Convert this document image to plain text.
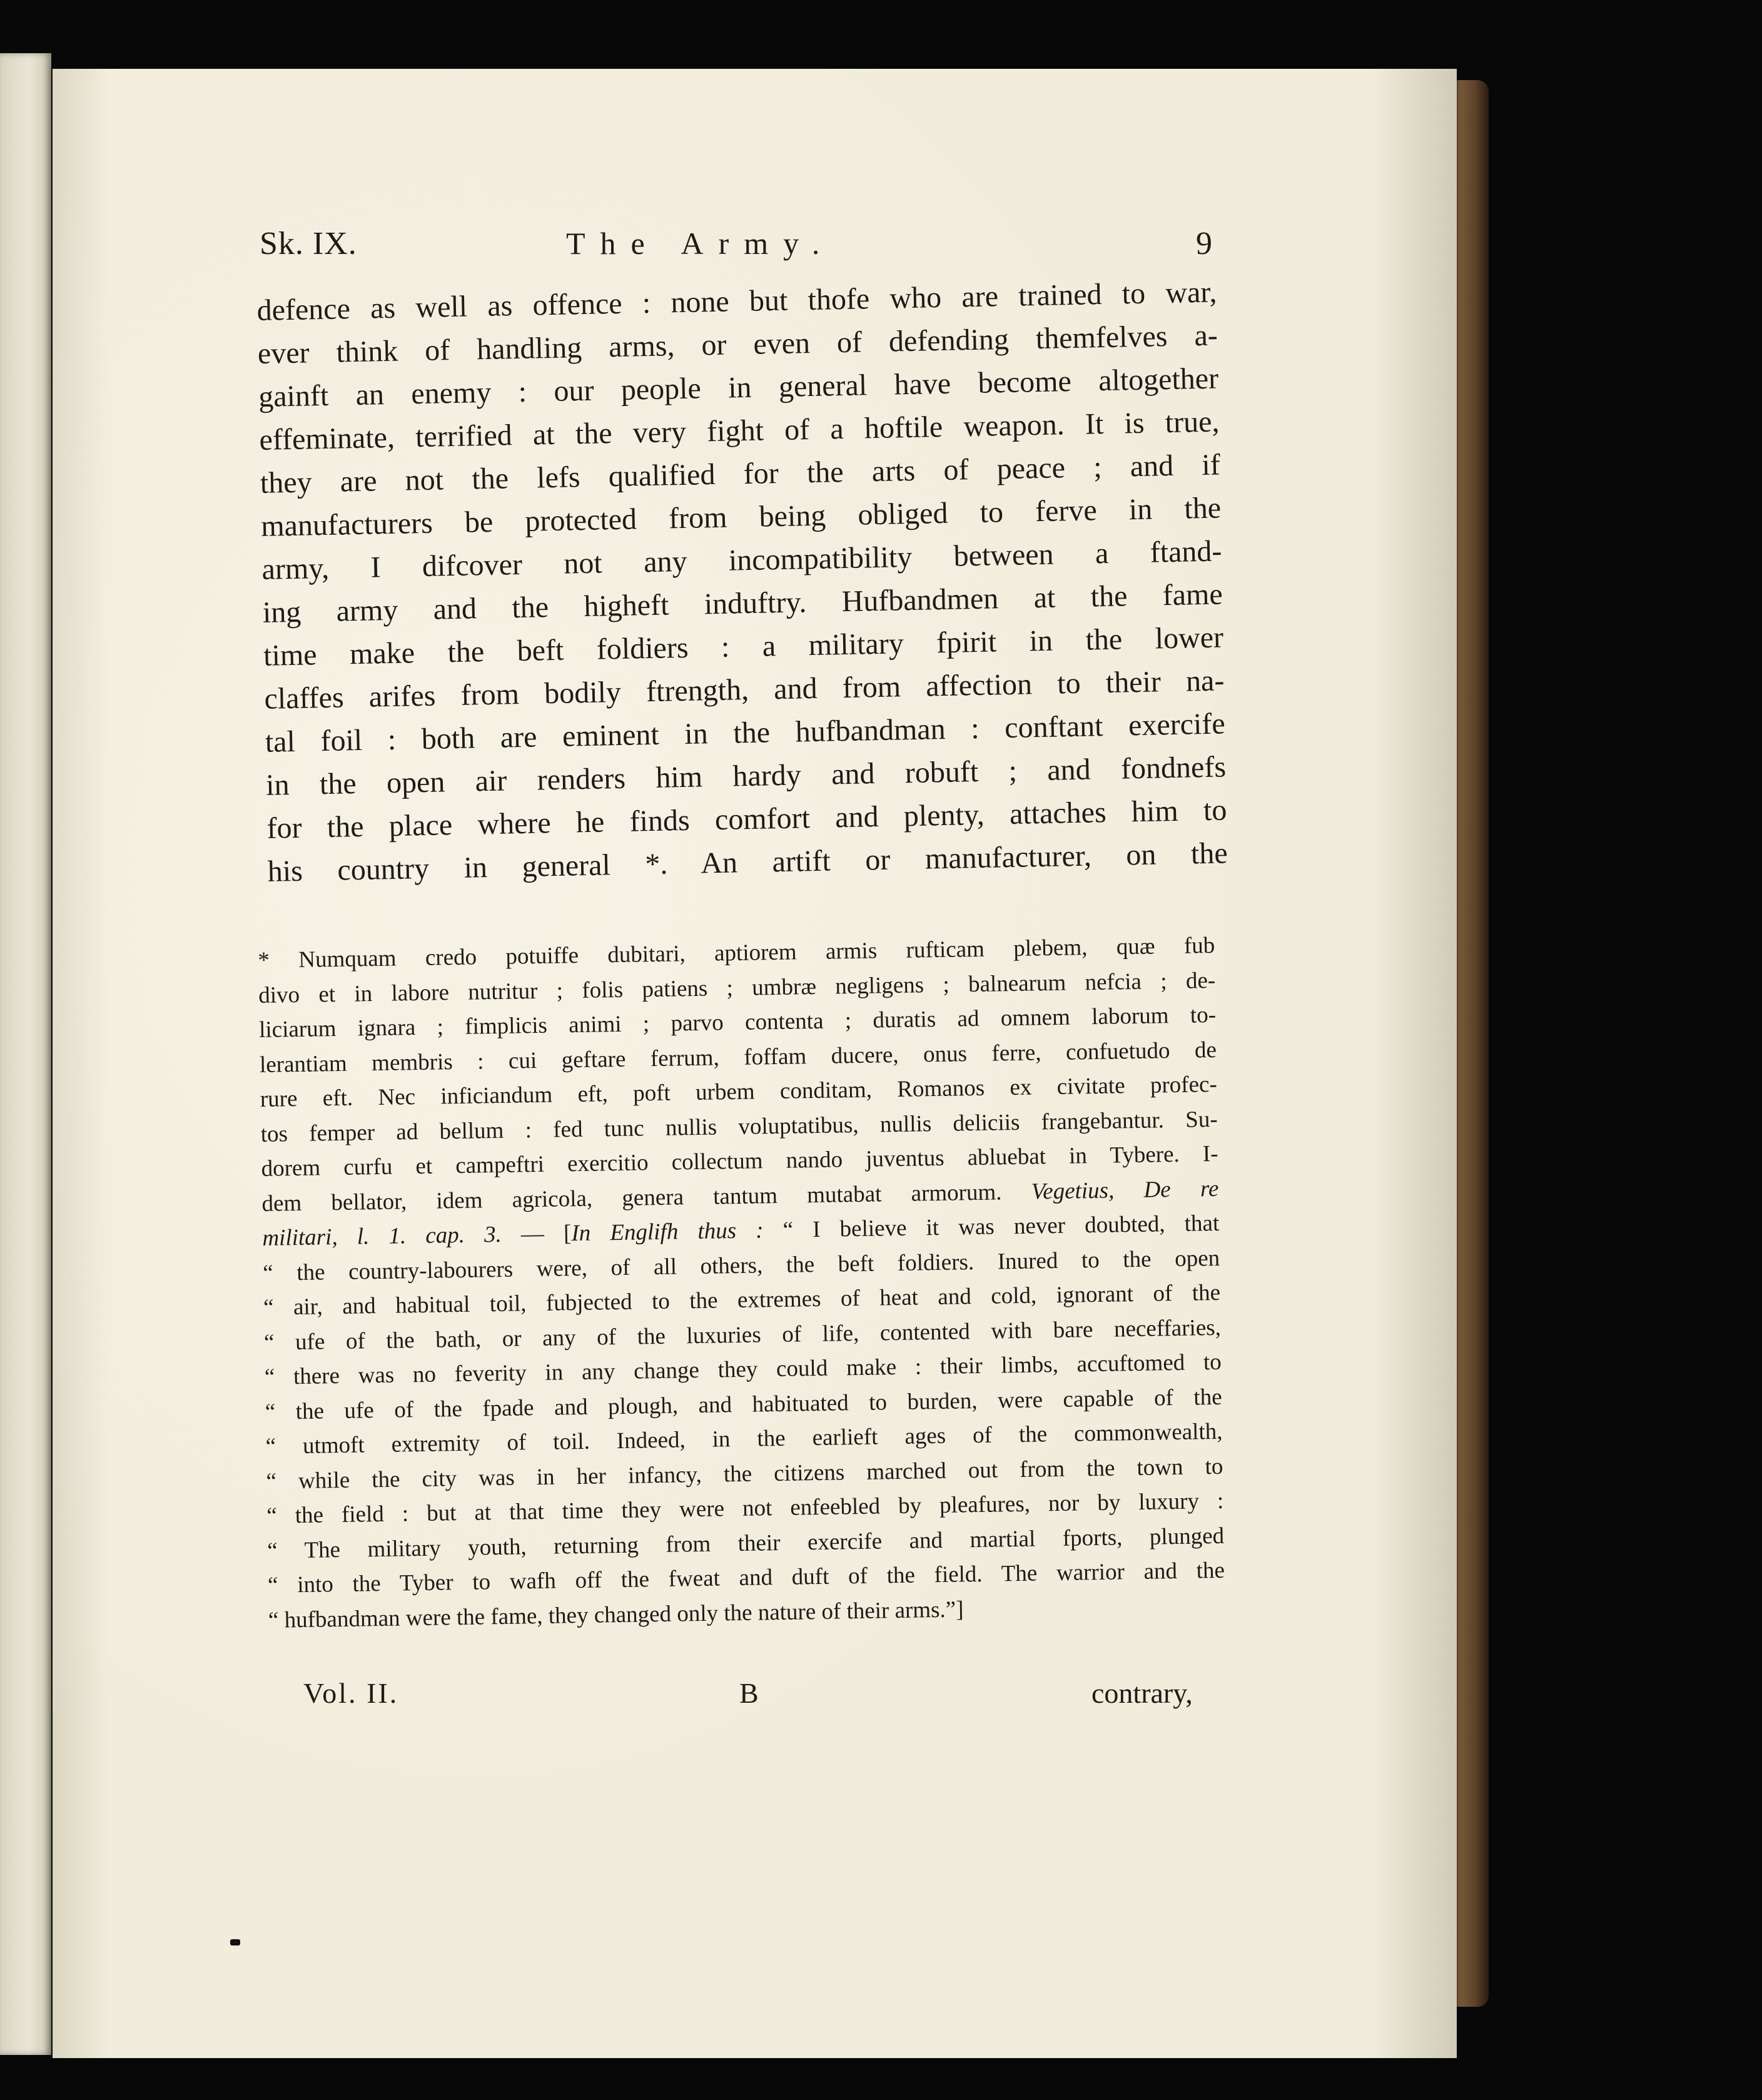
Sk. IX.	The Army.	9
defence as well as offence : none but thofe who are trained to war,
ever think of handling arms, or even of defending themfelves a-
gainft an enemy : our people in general have become altogether
effeminate, terrified at the very fight of a hoftile weapon. It is true,
they are not the lefs qualified for the arts of peace ; and if
manufacturers be protected from being obliged to ferve in the
army, I difcover not any incompatibility between a ftand-
ing army and the higheft induftry. Hufbandmen at the fame
time make the beft foldiers : a military fpirit in the lower
claffes arifes from bodily ftrength, and from affection to their na-
tal foil : both are eminent in the hufbandman : conftant exercife
in the open air renders him hardy and robuft ; and fondnefs
for the place where he finds comfort and plenty, attaches him to
his country in general *. An artift or manufacturer, on the
* Numquam credo potuiffe dubitari, aptiorem armis rufticam plebem, quæ fub
divo et in labore nutritur ; folis patiens ; umbræ negligens ; balnearum nefcia ; de-
liciarum ignara ; fimplicis animi ; parvo contenta ; duratis ad omnem laborum to-
lerantiam membris : cui geftare ferrum, foffam ducere, onus ferre, confuetudo de
rure eft. Nec inficiandum eft, poft urbem conditam, Romanos ex civitate profec-
tos femper ad bellum : fed tunc nullis voluptatibus, nullis deliciis frangebantur. Su-
dorem curfu et campeftri exercitio collectum nando juventus abluebat in Tybere. I-
dem bellator, idem agricola, genera tantum mutabat armorum. Vegetius, De re
militari, l. 1. cap. 3. — [In Englifh thus : “ I believe it was never doubted, that
“ the country-labourers were, of all others, the beft foldiers. Inured to the open
“ air, and habitual toil, fubjected to the extremes of heat and cold, ignorant of the
“ ufe of the bath, or any of the luxuries of life, contented with bare neceffaries,
“ there was no feverity in any change they could make : their limbs, accuftomed to
“ the ufe of the fpade and plough, and habituated to burden, were capable of the
“ utmoft extremity of toil. Indeed, in the earlieft ages of the commonwealth,
“ while the city was in her infancy, the citizens marched out from the town to
“ the field : but at that time they were not enfeebled by pleafures, nor by luxury :
“ The military youth, returning from their exercife and martial fports, plunged
“ into the Tyber to wafh off the fweat and duft of the field. The warrior and the
“ hufbandman were the fame, they changed only the nature of their arms.”]
Vol. II.	B	contrary,
